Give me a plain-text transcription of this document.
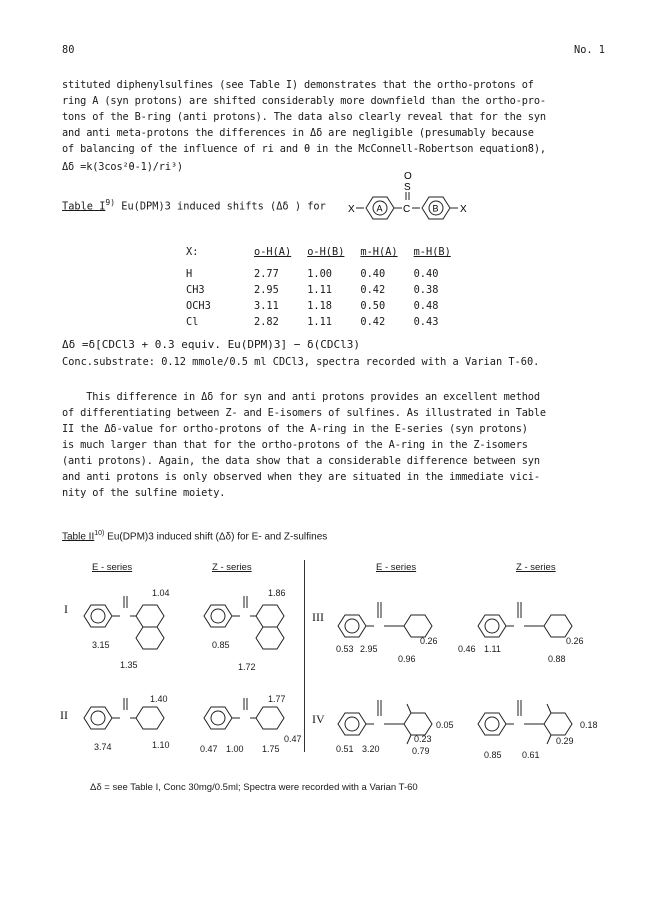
80	No. 1
stituted diphenylsulfines (see Table I) demonstrates that the ortho-protons of
ring A (syn protons) are shifted considerably more downfield than the ortho-pro-
tons of the B-ring (anti protons). The data also clearly reveal that for the syn
and anti meta-protons the differences in Δδ are negligible (presumably because
of balancing of the influence of ri and θ in the McConnell-Robertson equation8),
Δδ =k(3cos²θ-1)/ri³)
Table $I^{9)}$ Eu(DPM)3 induced shifts (Δδ ) for X A C
S
O
B X
X:	o-H(A)	o-H(B)	m-H(A)	m-H(B)
H	2.77	1.00	0.40	0.40
CH3	2.95	1.11	0.42	0.38
OCH3	3.11	1.18	0.50	0.48
Cl	2.82	1.11	0.42	0.43
Δδ =δ[CDCl3 + 0.3 equiv. Eu(DPM)3] − δ(CDCl3)
Conc.substrate: 0.12 mmole/0.5 ml CDCl3, spectra recorded with a Varian T-60.
This difference in Δδ for syn and anti protons provides an excellent method
of differentiating between Z- and E-isomers of sulfines. As illustrated in Table
II the Δδ-value for ortho-protons of the A-ring in the E-series (syn protons)
is much larger than that for the ortho-protons of the A-ring in the Z-isomers
(anti protons). Again, the data show that a considerable difference between syn
and anti protons is only observed when they are situated in the immediate vici-
nity of the sulfine moiety.
Table II$^{10)}$ Eu(DPM)3 induced shift (Δδ) for E- and Z-sulfines
E - series	Z - series	E - series	Z - series
I
II
III
IV
1.04
3.15
1.35
1.86
0.85
1.72
1.40
3.74	1.10
1.77
0.47 1.00 1.75
0.47
0.53 2.95
0.26
0.96
0.46 1.11
0.26
0.88
0.51 3.20
0.05
0.23
0.79
0.18
0.29
0.85 0.61
Δδ = see Table I, Conc 30mg/0.5ml; Spectra were recorded with a Varian T-60
